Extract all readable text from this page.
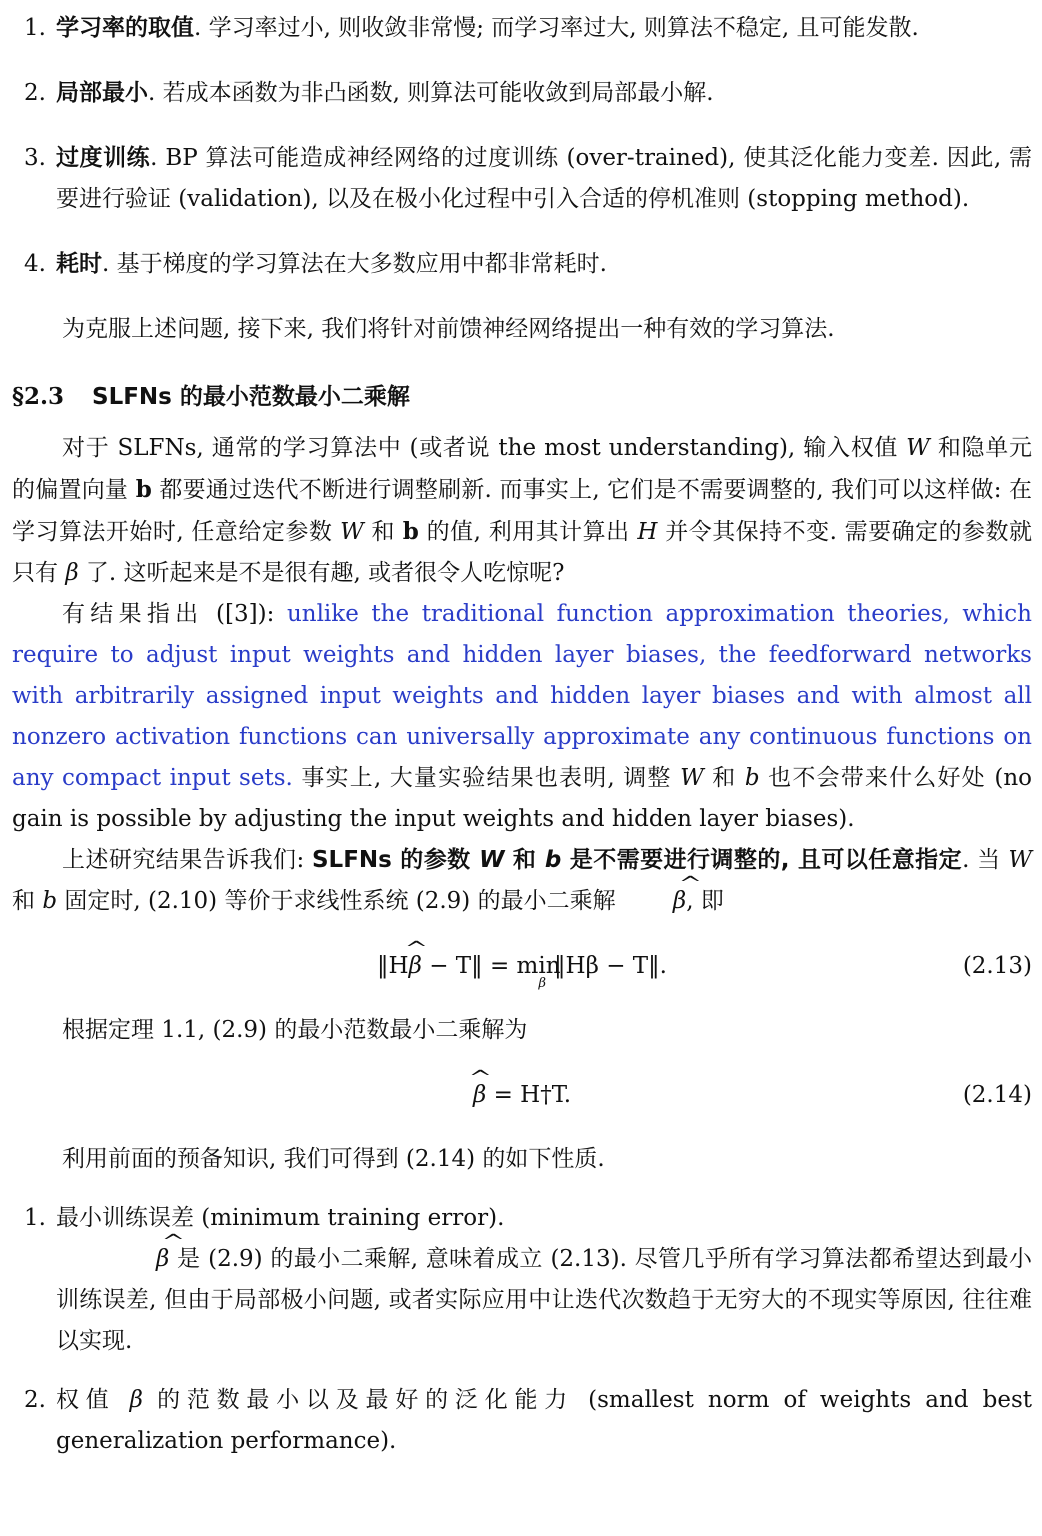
1. 学习率的取值. 学习率过小, 则收敛非常慢; 而学习率过大, 则算法不稳定, 且可能发散.
2. 局部最小. 若成本函数为非凸函数, 则算法可能收敛到局部最小解.
3. 过度训练. BP 算法可能造成神经网络的过度训练 (over-trained), 使其泛化能力变差. 因此, 需要进行验证 (validation), 以及在极小化过程中引入合适的停机准则 (stopping method).
4. 耗时. 基于梯度的学习算法在大多数应用中都非常耗时.
为克服上述问题, 接下来, 我们将针对前馈神经网络提出一种有效的学习算法.
§2.3 SLFNs 的最小范数最小二乘解
对于 SLFNs, 通常的学习算法中 (或者说 the most understanding), 输入权值 W 和隐单元的偏置向量 b 都要通过迭代不断进行调整刷新. 而事实上, 它们是不需要调整的, 我们可以这样做: 在学习算法开始时, 任意给定参数 W 和 b 的值, 利用其计算出 H 并令其保持不变. 需要确定的参数就只有 β 了. 这听起来是不是很有趣, 或者很令人吃惊呢?
有结果指出 ([3]): unlike the traditional function approximation theories, which require to adjust input weights and hidden layer biases, the feedforward networks with arbitrarily assigned input weights and hidden layer biases and with almost all nonzero activation functions can universally approximate any continuous functions on any compact input sets. 事实上, 大量实验结果也表明, 调整 W 和 b 也不会带来什么好处 (no gain is possible by adjusting the input weights and hidden layer biases).
上述研究结果告诉我们: SLFNs 的参数 W 和 b 是不需要进行调整的, 且可以任意指定. 当 W 和 b 固定时, (2.10) 等价于求线性系统 (2.9) 的最小二乘解 ^ β, 即
‖H^ β − T‖ = $\min_\beta‖H\beta$ − T‖.	(2.13)
根据定理 1.1, (2.9) 的最小范数最小二乘解为
^ β = H†T.	(2.14)
利用前面的预备知识, 我们可得到 (2.14) 的如下性质.
1. 最小训练误差 (minimum training error).
^ β 是 (2.9) 的最小二乘解, 意味着成立 (2.13). 尽管几乎所有学习算法都希望达到最小训练误差, 但由于局部极小问题, 或者实际应用中让迭代次数趋于无穷大的不现实等原因, 往往难以实现.
2. 权值 β 的范数最小以及最好的泛化能力 (smallest norm of weights and best generalization performance).
